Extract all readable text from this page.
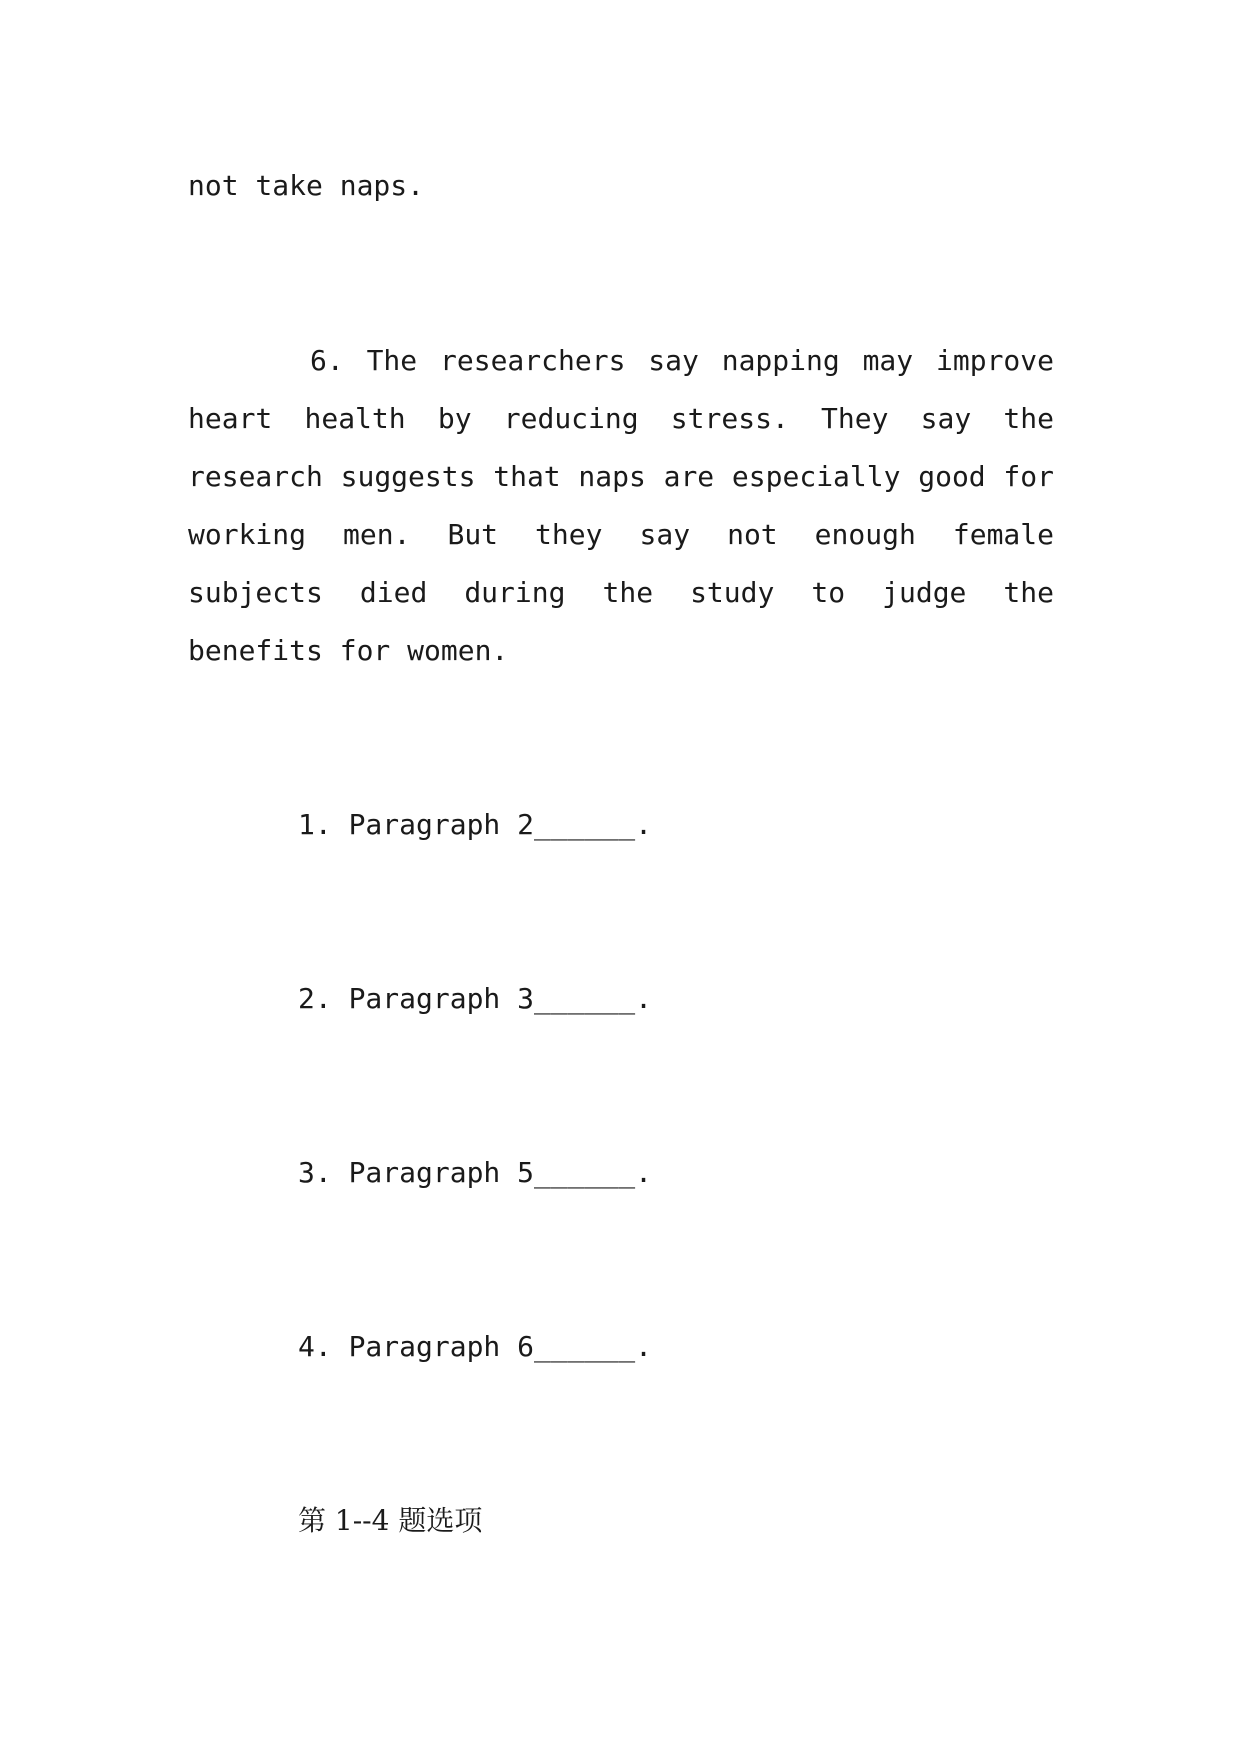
not take naps.
6. The researchers say napping may improve
heart health by reducing stress. They say the
research suggests that naps are especially good for
working men. But they say not enough female
subjects died during the study to judge the
benefits for women.
1. Paragraph 2______.
2. Paragraph 3______.
3. Paragraph 5______.
4. Paragraph 6______.
第 1--4 题选项
